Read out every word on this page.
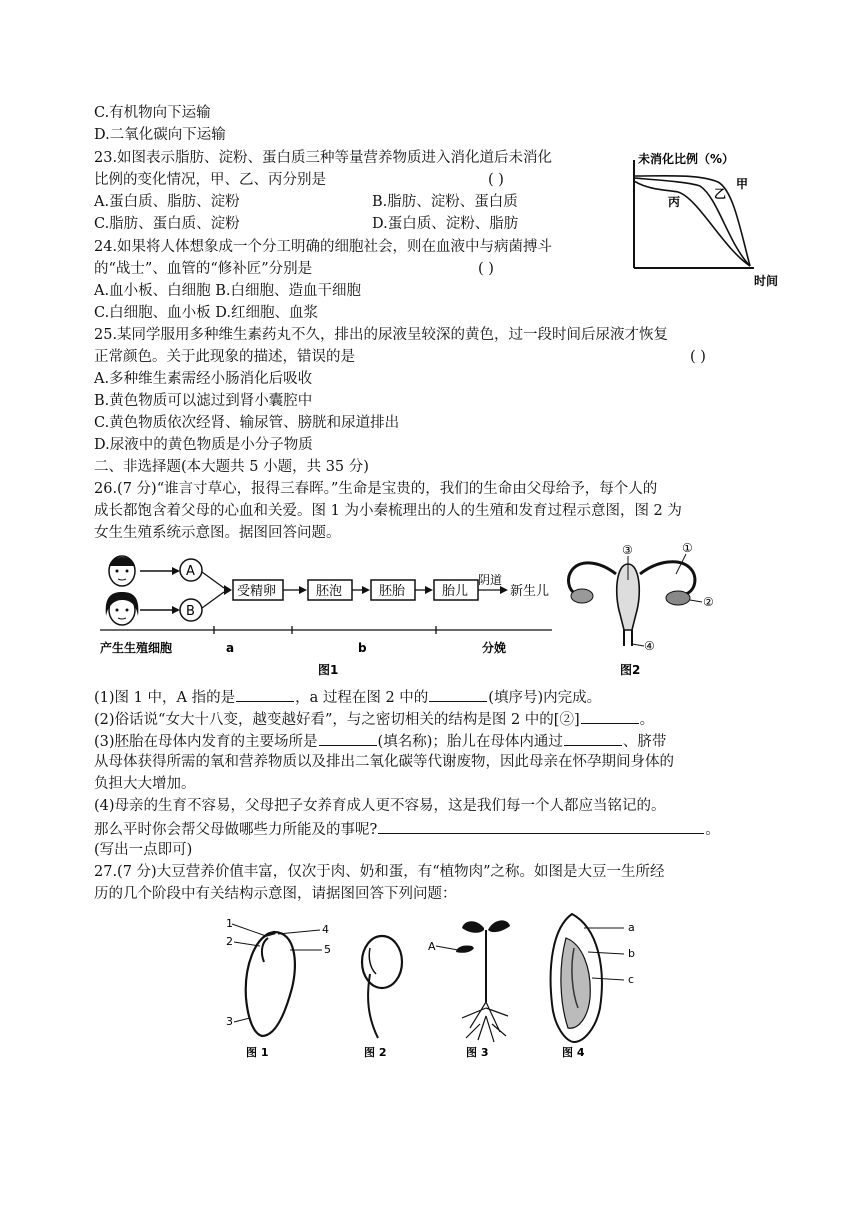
C.有机物向下运输
D.二氧化碳向下运输
23.如图表示脂肪、淀粉、蛋白质三种等量营养物质进入消化道后未消化
比例的变化情况，甲、乙、丙分别是	( )
A.蛋白质、脂肪、淀粉	B.脂肪、淀粉、蛋白质
C.脂肪、蛋白质、淀粉	D.蛋白质、淀粉、脂肪
未消化比例（%）
时间
甲
乙
丙
24.如果将人体想象成一个分工明确的细胞社会，则在血液中与病菌搏斗
的“战士”、血管的“修补匠”分别是	( )
A.血小板、白细胞 B.白细胞、造血干细胞
C.白细胞、血小板 D.红细胞、血浆
25.某同学服用多种维生素药丸不久，排出的尿液呈较深的黄色，过一段时间后尿液才恢复
正常颜色。关于此现象的描述，错误的是	( )
A.多种维生素需经小肠消化后吸收
B.黄色物质可以滤过到肾小囊腔中
C.黄色物质依次经肾、输尿管、膀胱和尿道排出
D.尿液中的黄色物质是小分子物质
二、非选择题(本大题共 5 小题，共 35 分)
26.(7 分)“谁言寸草心，报得三春晖。”生命是宝贵的，我们的生命由父母给予，每个人的
成长都饱含着父母的心血和关爱。图 1 为小秦梳理出的人的生殖和发育过程示意图，图 2 为
女生生殖系统示意图。据图回答问题。
A
B
受精卵	胚泡	胚胎	胎儿
阴道
新生儿
产生生殖细胞	a	b	分娩
图1
③	①
②
④
图2
(1)图 1 中，A 指的是	，a 过程在图 2 中的	(填序号)内完成。
(2)俗话说“女大十八变，越变越好看”，与之密切相关的结构是图 2 中的[②]	。
(3)胚胎在母体内发育的主要场所是	(填名称)；胎儿在母体内通过	、脐带
从母体获得所需的氧和营养物质以及排出二氧化碳等代谢废物，因此母亲在怀孕期间身体的
负担大大增加。
(4)母亲的生育不容易，父母把子女养育成人更不容易，这是我们每一个人都应当铭记的。
那么平时你会帮父母做哪些力所能及的事呢?	。
(写出一点即可)
27.(7 分)大豆营养价值丰富，仅次于肉、奶和蛋，有“植物肉”之称。如图是大豆一生所经
历的几个阶段中有关结构示意图，请据图回答下列问题：
1
2
3
4
5
图 1	图 2
A
图 3
a
b
c
图 4
